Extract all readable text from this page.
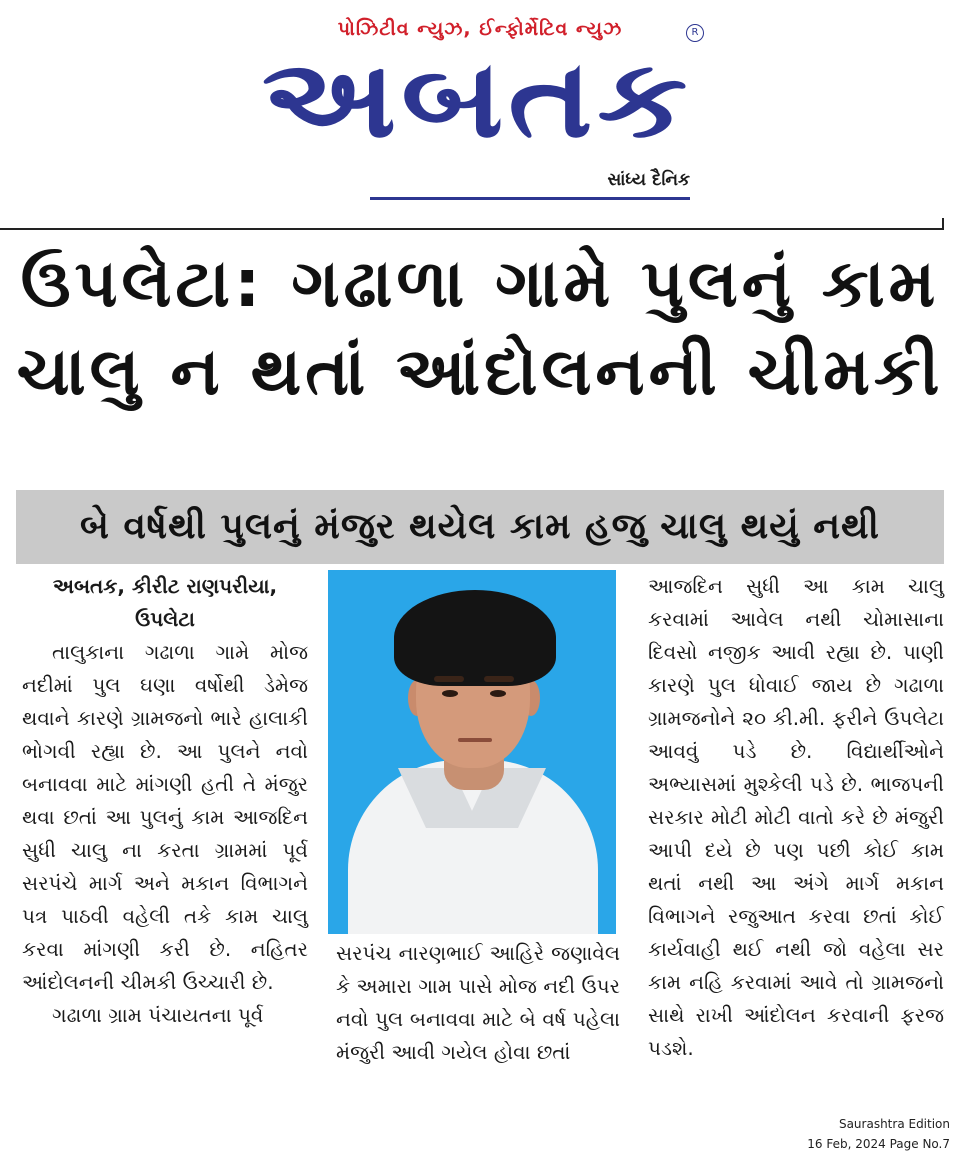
પોઝિટીવ ન્યુઝ, ઈન્ફોર્મેટિવ ન્યુઝ
અબતક
R
સાંધ્ય દૈનિક
ઉપલેટા: ગઢાળા ગામે પુલનું કામ
ચાલુ ન થતાં આંદોલનની ચીમકી
બે વર્ષથી પુલનું મંજુર થયેલ કામ હજુ ચાલુ થયું નથી

અબતક, કીરીટ રાણપરીયા, ઉપલેટા

તાલુકાના ગઢાળા ગામે મોજ નદીમાં પુલ ઘણા વર્ષોથી ડેમેજ થવાને કારણે ગ્રામજનો ભારે હાલાકી ભોગવી રહ્યા છે. આ પુલને નવો બનાવવા માટે માંગણી હતી તે મંજુર થવા છતાં આ પુલનું કામ આજદિન સુધી ચાલુ ના કરતા ગ્રામમાં પૂર્વ સરપંચે માર્ગ અને મકાન વિભાગને પત્ર પાઠવી વહેલી તકે કામ ચાલુ કરવા માંગણી કરી છે. નહિતર આંદોલનની ચીમકી ઉચ્ચારી છે.

ગઢાળા ગ્રામ પંચાયતના પૂર્વ

સરપંચ નારણભાઈ આહિરે જણાવેલ કે અમારા ગામ પાસે મોજ નદી ઉપર નવો પુલ બનાવવા માટે બે વર્ષ પહેલા મંજુરી આવી ગયેલ હોવા છતાં

આજદિન સુધી આ કામ ચાલુ કરવામાં આવેલ નથી ચોમાસાના દિવસો નજીક આવી રહ્યા છે. પાણી કારણે પુલ ધોવાઈ જાય છે ગઢાળા ગ્રામજનોને ૨૦ કી.મી. ફરીને ઉપલેટા આવવું પડે છે. વિદ્યાર્થીઓને અભ્યાસમાં મુશ્કેલી પડે છે. ભાજપની સરકાર મોટી મોટી વાતો કરે છે મંજુરી આપી દયે છે પણ પછી કોઈ કામ થતાં નથી આ અંગે માર્ગ મકાન વિભાગને રજુઆત કરવા છતાં કોઈ કાર્યવાહી થઈ નથી જો વહેલા સર કામ નહિ કરવામાં આવે તો ગ્રામજનો સાથે રાખી આંદોલન કરવાની ફરજ પડશે.

Saurashtra Edition
16 Feb, 2024 Page No.7
